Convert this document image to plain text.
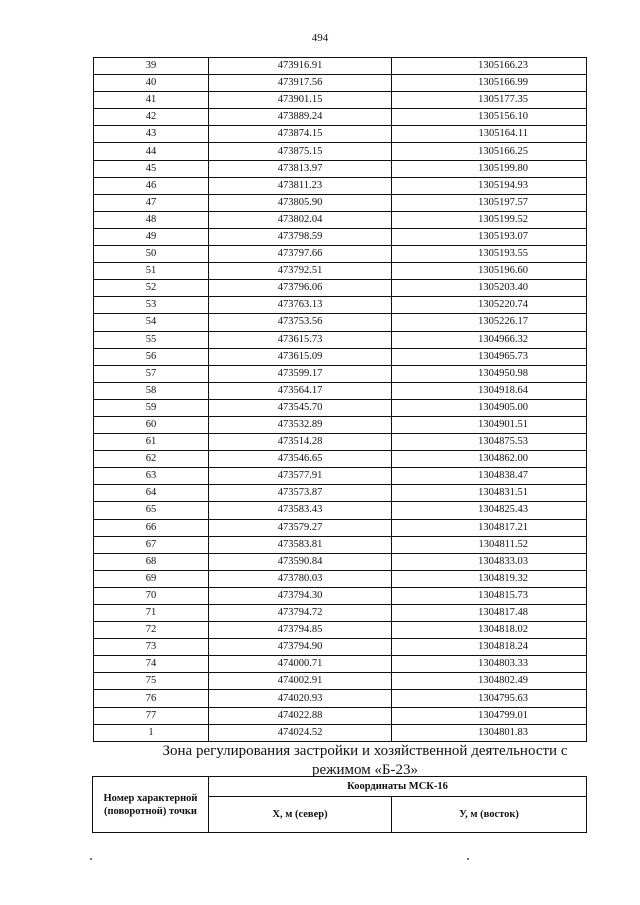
494
39	473916.91	1305166.23
40	473917.56	1305166.99
41	473901.15	1305177.35
42	473889.24	1305156.10
43	473874.15	1305164.11
44	473875.15	1305166.25
45	473813.97	1305199.80
46	473811.23	1305194.93
47	473805.90	1305197.57
48	473802.04	1305199.52
49	473798.59	1305193.07
50	473797.66	1305193.55
51	473792.51	1305196.60
52	473796.06	1305203.40
53	473763.13	1305220.74
54	473753.56	1305226.17
55	473615.73	1304966.32
56	473615.09	1304965.73
57	473599.17	1304950.98
58	473564.17	1304918.64
59	473545.70	1304905.00
60	473532.89	1304901.51
61	473514.28	1304875.53
62	473546.65	1304862.00
63	473577.91	1304838.47
64	473573.87	1304831.51
65	473583.43	1304825.43
66	473579.27	1304817.21
67	473583.81	1304811.52
68	473590.84	1304833.03
69	473780.03	1304819.32
70	473794.30	1304815.73
71	473794.72	1304817.48
72	473794.85	1304818.02
73	473794.90	1304818.24
74	474000.71	1304803.33
75	474002.91	1304802.49
76	474020.93	1304795.63
77	474022.88	1304799.01
1	474024.52	1304801.83
Зона регулирования застройки и хозяйственной деятельности с режимом «Б-23»
Номер характерной (поворотной) точки	Координаты МСК-16	
	X, м (север)	У, м (восток)
